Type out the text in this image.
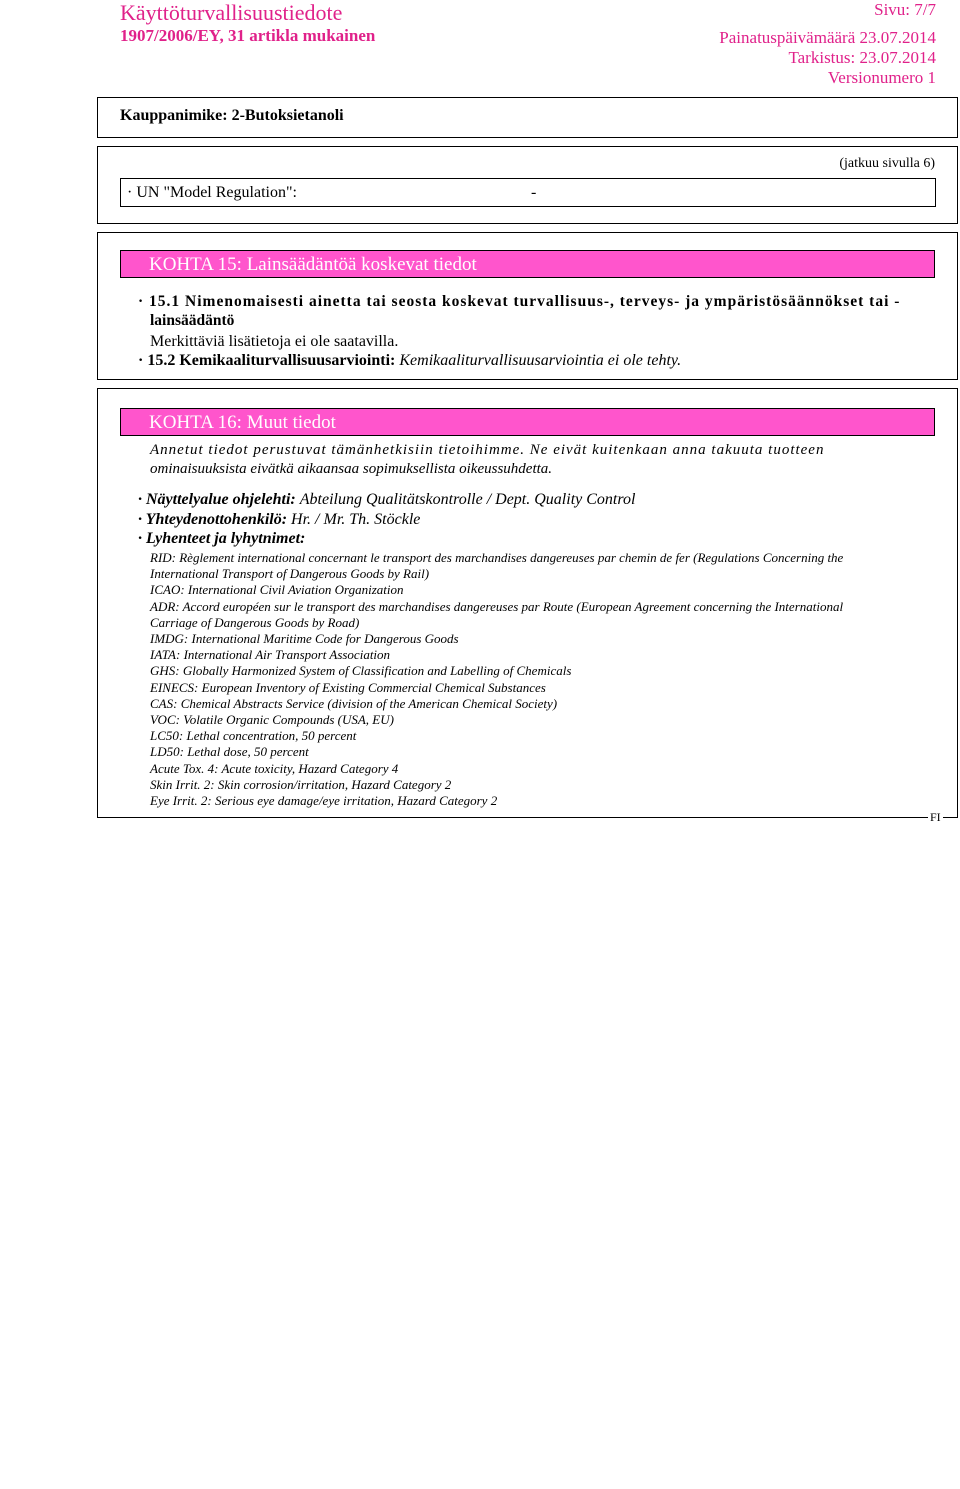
Käyttöturvallisuustiedote
1907/2006/EY, 31 artikla mukainen
Sivu: 7/7
Painatuspäivämäärä 23.07.2014
Tarkistus: 23.07.2014
Versionumero 1
Kauppanimike: 2-Butoksietanoli
(jatkuu sivulla 6)
· UN "Model Regulation":	-
KOHTA 15: Lainsäädäntöä koskevat tiedot
· 15.1 Nimenomaisesti ainetta tai seosta koskevat turvallisuus-, terveys- ja ympäristösäännökset tai -
lainsäädäntö
Merkittäviä lisätietoja ei ole saatavilla.
· 15.2 Kemikaaliturvallisuusarviointi: Kemikaaliturvallisuusarviointia ei ole tehty.
KOHTA 16: Muut tiedot
Annetut tiedot perustuvat tämänhetkisiin tietoihimme. Ne eivät kuitenkaan anna takuuta tuotteen
ominaisuuksista eivätkä aikaansaa sopimuksellista oikeussuhdetta.
· Näyttelyalue ohjelehti: Abteilung Qualitätskontrolle / Dept. Quality Control
· Yhteydenottohenkilö: Hr. / Mr. Th. Stöckle
· Lyhenteet ja lyhytnimet:
RID: Règlement international concernant le transport des marchandises dangereuses par chemin de fer (Regulations Concerning the
International Transport of Dangerous Goods by Rail)
ICAO: International Civil Aviation Organization
ADR: Accord européen sur le transport des marchandises dangereuses par Route (European Agreement concerning the International
Carriage of Dangerous Goods by Road)
IMDG: International Maritime Code for Dangerous Goods
IATA: International Air Transport Association
GHS: Globally Harmonized System of Classification and Labelling of Chemicals
EINECS: European Inventory of Existing Commercial Chemical Substances
CAS: Chemical Abstracts Service (division of the American Chemical Society)
VOC: Volatile Organic Compounds (USA, EU)
LC50: Lethal concentration, 50 percent
LD50: Lethal dose, 50 percent
Acute Tox. 4: Acute toxicity, Hazard Category 4
Skin Irrit. 2: Skin corrosion/irritation, Hazard Category 2
Eye Irrit. 2: Serious eye damage/eye irritation, Hazard Category 2
FI
